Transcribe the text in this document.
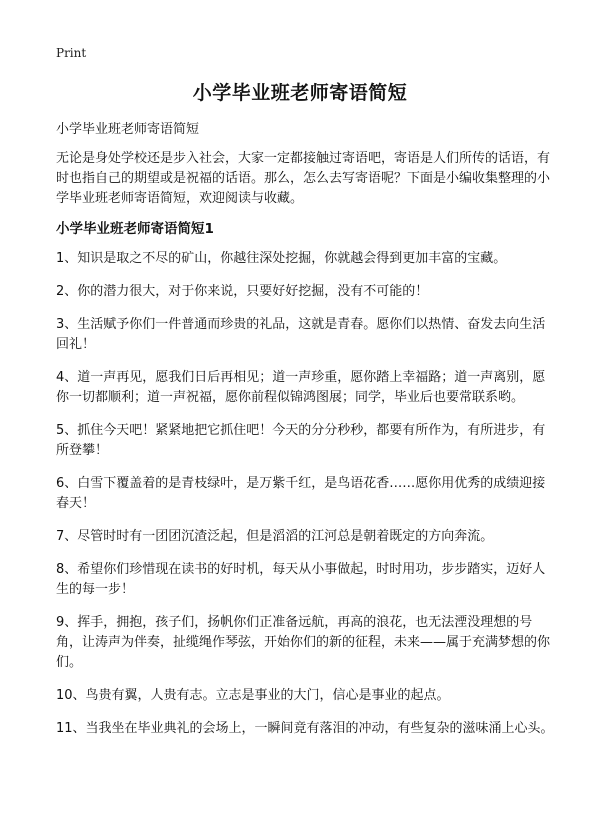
Print
小学毕业班老师寄语简短

小学毕业班老师寄语简短

无论是身处学校还是步入社会，大家一定都接触过寄语吧，寄语是人们所传的话语，有时也指自己的期望或是祝福的话语。那么，怎么去写寄语呢？下面是小编收集整理的小学毕业班老师寄语简短，欢迎阅读与收藏。

小学毕业班老师寄语简短1

1、知识是取之不尽的矿山，你越往深处挖掘，你就越会得到更加丰富的宝藏。

2、你的潜力很大，对于你来说，只要好好挖掘，没有不可能的！

3、生活赋予你们一件普通而珍贵的礼品，这就是青春。愿你们以热情、奋发去向生活回礼！

4、道一声再见，愿我们日后再相见；道一声珍重，愿你踏上幸福路；道一声离别，愿你一切都顺利；道一声祝福，愿你前程似锦鸿图展；同学，毕业后也要常联系哟。

5、抓住今天吧！紧紧地把它抓住吧！今天的分分秒秒，都要有所作为，有所进步，有所登攀！

6、白雪下覆盖着的是青枝绿叶，是万紫千红，是鸟语花香……愿你用优秀的成绩迎接春天！

7、尽管时时有一团团沉渣泛起，但是滔滔的江河总是朝着既定的方向奔流。

8、希望你们珍惜现在读书的好时机，每天从小事做起，时时用功，步步踏实，迈好人生的每一步！

9、挥手，拥抱，孩子们，扬帆你们正准备远航，再高的浪花，也无法湮没理想的号角，让涛声为伴奏，扯缆绳作琴弦，开始你们的新的征程，未来——属于充满梦想的你们。

10、鸟贵有翼，人贵有志。立志是事业的大门，信心是事业的起点。

11、当我坐在毕业典礼的会场上，一瞬间竟有落泪的冲动，有些复杂的滋味涌上心头。
